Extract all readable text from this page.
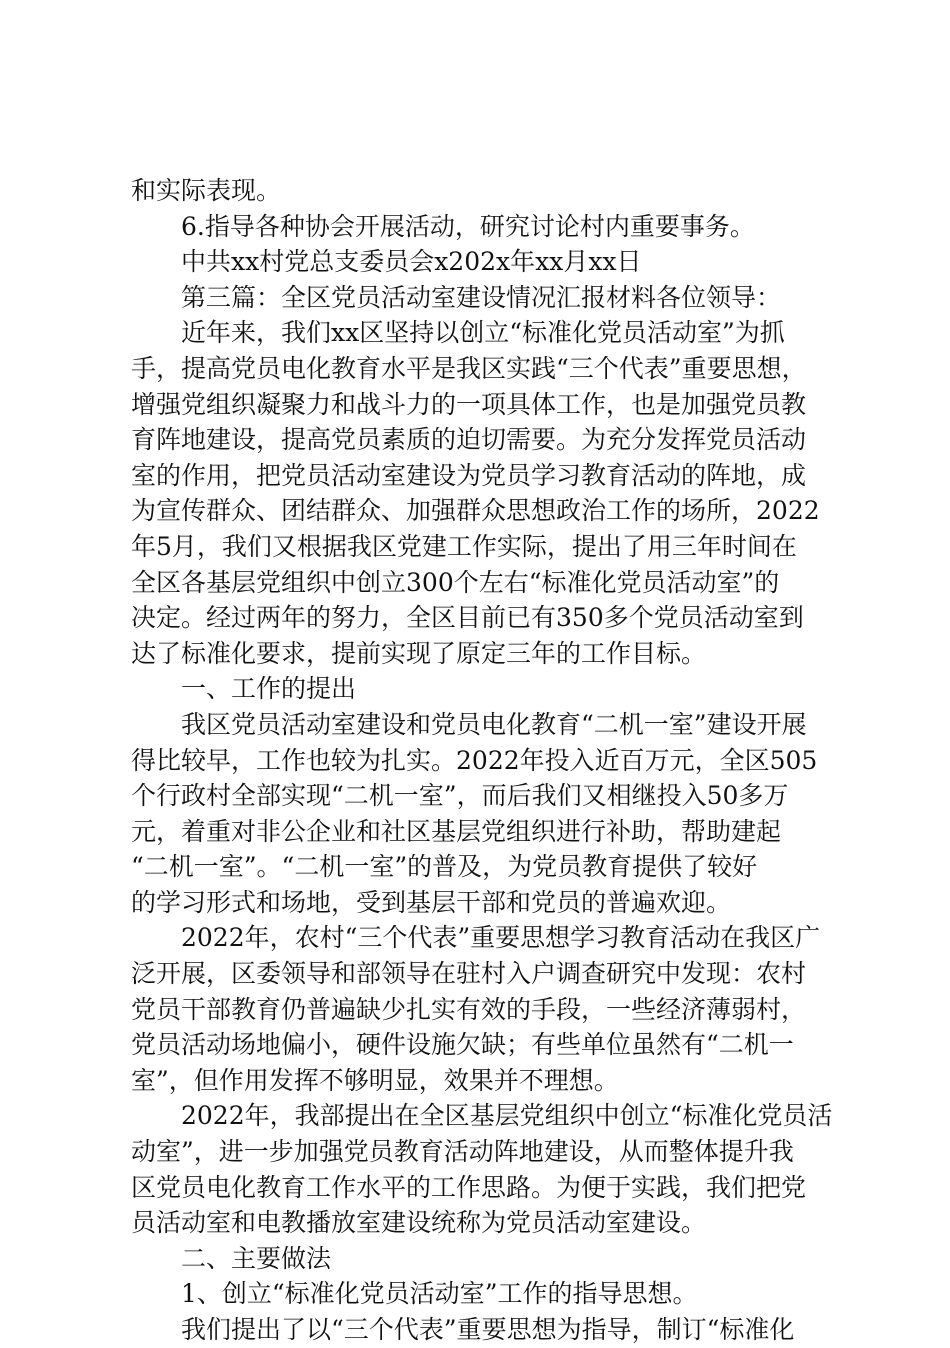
和实际表现。

6.指导各种协会开展活动，研究讨论村内重要事务。

中共xx村党总支委员会x202x年xx月xx日

第三篇：全区党员活动室建设情况汇报材料各位领导：

近年来，我们xx区坚持以创立“标准化党员活动室”为抓

手，提高党员电化教育水平是我区实践“三个代表”重要思想，

增强党组织凝聚力和战斗力的一项具体工作，也是加强党员教

育阵地建设，提高党员素质的迫切需要。为充分发挥党员活动

室的作用，把党员活动室建设为党员学习教育活动的阵地，成

为宣传群众、团结群众、加强群众思想政治工作的场所，2022

年5月，我们又根据我区党建工作实际，提出了用三年时间在

全区各基层党组织中创立300个左右“标准化党员活动室”的

决定。经过两年的努力，全区目前已有350多个党员活动室到

达了标准化要求，提前实现了原定三年的工作目标。

一、工作的提出

我区党员活动室建设和党员电化教育“二机一室”建设开展

得比较早，工作也较为扎实。2022年投入近百万元，全区505

个行政村全部实现“二机一室”，而后我们又相继投入50多万

元，着重对非公企业和社区基层党组织进行补助，帮助建起

“二机一室”。“二机一室”的普及，为党员教育提供了较好

的学习形式和场地，受到基层干部和党员的普遍欢迎。

2022年，农村“三个代表”重要思想学习教育活动在我区广

泛开展，区委领导和部领导在驻村入户调查研究中发现：农村

党员干部教育仍普遍缺少扎实有效的手段，一些经济薄弱村，

党员活动场地偏小，硬件设施欠缺；有些单位虽然有“二机一

室”，但作用发挥不够明显，效果并不理想。

2022年，我部提出在全区基层党组织中创立“标准化党员活

动室”，进一步加强党员教育活动阵地建设，从而整体提升我

区党员电化教育工作水平的工作思路。为便于实践，我们把党

员活动室和电教播放室建设统称为党员活动室建设。

二、主要做法

1、创立“标准化党员活动室”工作的指导思想。

我们提出了以“三个代表”重要思想为指导，制订“标准化
